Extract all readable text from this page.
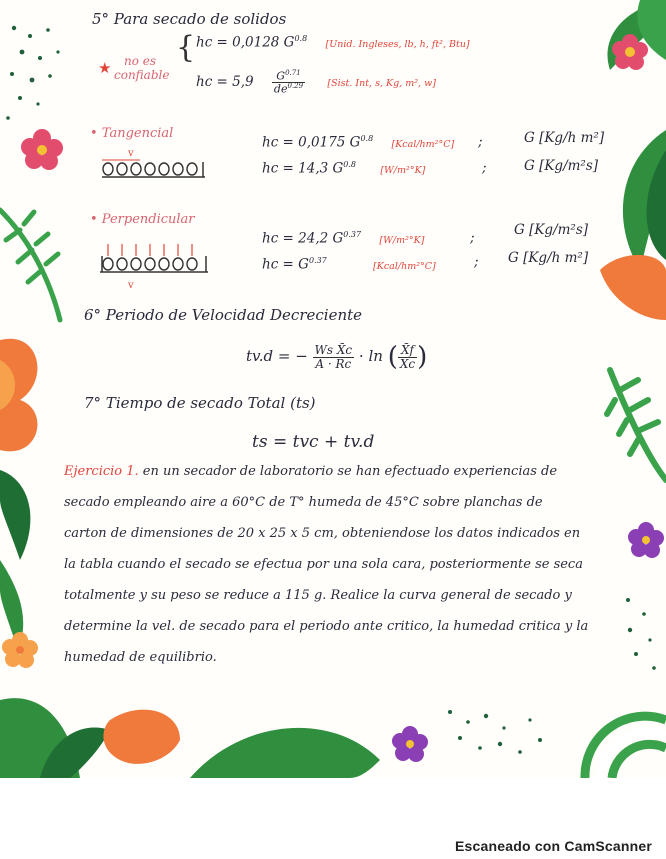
5° Para secado de solidos
★ no es
confiable
{ hc = 0,0128 $G^{0.8}$ [Unid. Ingleses, lb, h, ft², Btu]
hc = $5,9 \frac{G^{0.71}}{de^{0.29}}$ [Sist. Int, s, Kg, m², w]
• Tangencial
v
hc = 0,0175 $G^{0.8}$ [Kcal/hm²°C] ;	G [Kg/h m²]
hc = 14,3 $G^{0.8}$	[W/m²°K]	;	G [Kg/m²s]
• Perpendicular
v
hc = 24,2 $G^{0.37}$ [W/m²°K]	;	G [Kg/m²s]
hc = $G^{0.37}$	[Kcal/hm²°C]	; G [Kg/h m²]
6° Periodo de Velocidad Decreciente
tv.d = − $\frac{\text{Ws X̄c}}{A \cdot Rc} \cdot \ln$ ( $\frac{X̄f}{X̄c}$ )
7° Tiempo de secado Total (ts)
ts = tvc + tv.d
Ejercicio 1. en un secador de laboratorio se han efectuado experiencias de
secado empleando aire a 60°C de T° humeda de 45°C sobre planchas de
carton de dimensiones de 20 x 25 x 5 cm, obteniendose los datos indicados en
la tabla cuando el secado se efectua por una sola cara, posteriormente se seca
totalmente y su peso se reduce a 115 g. Realice la curva general de secado y
determine la vel. de secado para el periodo ante critico, la humedad critica y la
humedad de equilibrio.
Escaneado con CamScanner
